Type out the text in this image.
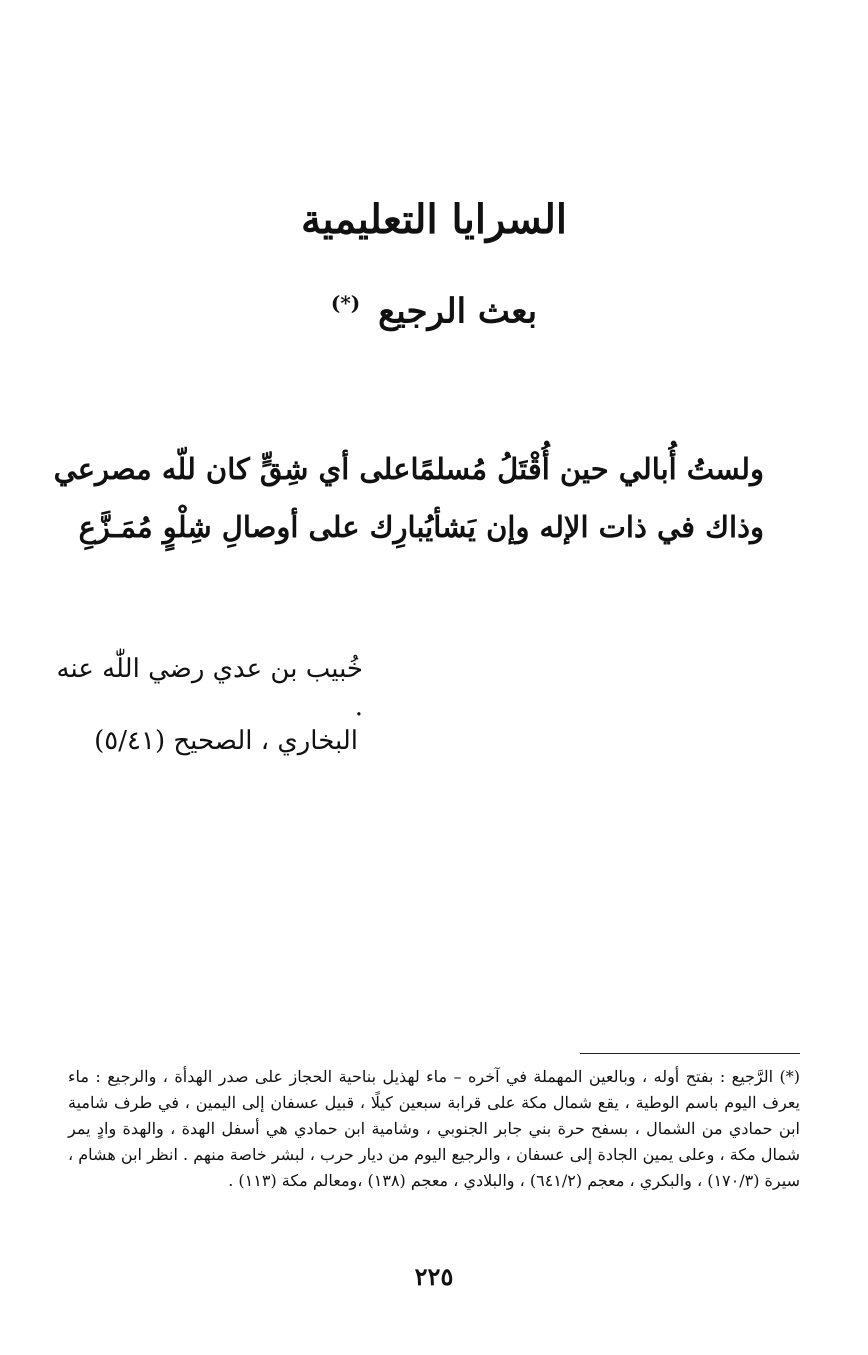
السرايا التعليمية
بعث الرجيع (*)
ولستُ أُبالي حين أُقْتَلُ مُسلمًا
على أي شِقٍّ كان للّه مصرعي
وذاك في ذات الإله وإن يَشأ
يُبارِك على أوصالِ شِلْوٍ مُمَـزَّعِ
خُبيب بن عدي رضي اللّٰه عنه .
البخاري ، الصحيح (٥/٤١)

(*) الرَّجيع : بفتح أوله ، وبالعين المهملة في آخره – ماء لهذيل بناحية الحجاز على صدر الهدأة ، والرجيع : ماء يعرف اليوم باسم الوطية ، يقع شمال مكة على قرابة سبعين كيلًا ، قبيل عسفان إلى اليمين ، في طرف شامية ابن حمادي من الشمال ، بسفح حرة بني جابر الجنوبي ، وشامية ابن حمادي هي أسفل الهدة ، والهدة وادٍ يمر شمال مكة ، وعلى يمين الجادة إلى عسفان ، والرجيع اليوم من ديار حرب ، لبشر خاصة منهم . انظر ابن هشام ، سيرة (١٧٠/٣) ، والبكري ، معجم (٦٤١/٢) ، والبلادي ، معجم (١٣٨) ،ومعالم مكة (١١٣) .

٢٢٥
